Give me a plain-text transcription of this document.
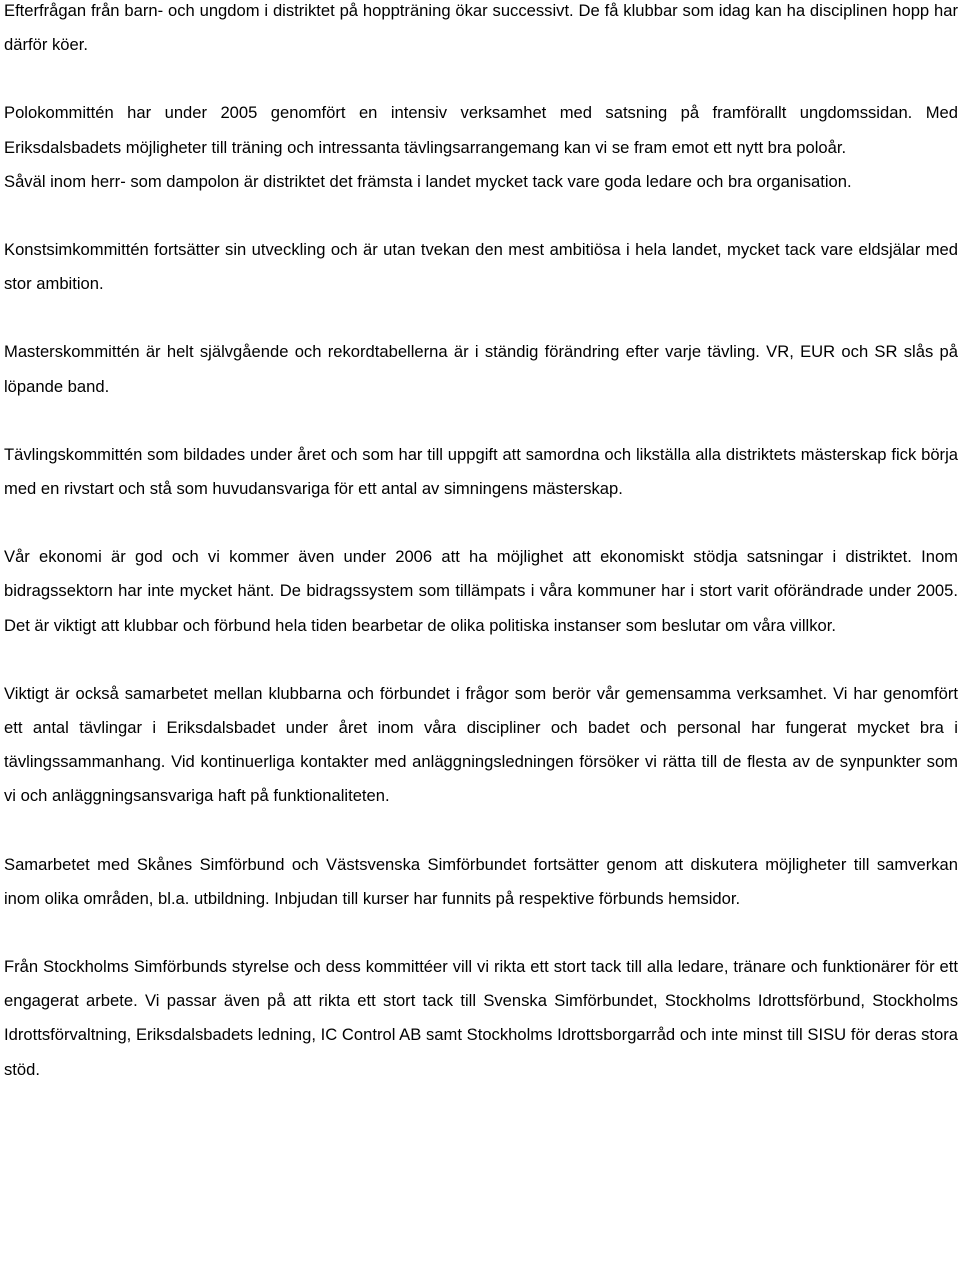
Efterfrågan från barn- och ungdom i distriktet på hoppträning ökar successivt. De få klubbar som idag kan ha disciplinen hopp har därför köer.

Polokommittén har under 2005 genomfört en intensiv verksamhet med satsning på framförallt ungdomssidan. Med Eriksdalsbadets möjligheter till träning och intressanta tävlingsarrangemang kan vi se fram emot ett nytt bra poloår.

Såväl inom herr- som dampolon är distriktet det främsta i landet mycket tack vare goda ledare och bra organisation.

Konstsimkommittén fortsätter sin utveckling och är utan tvekan den mest ambitiösa i hela landet, mycket tack vare eldsjälar med stor ambition.

Masterskommittén är helt självgående och rekordtabellerna är i ständig förändring efter varje tävling. VR, EUR och SR slås på löpande band.

Tävlingskommittén som bildades under året och som har till uppgift att samordna och likställa alla distriktets mästerskap fick börja med en rivstart och stå som huvudansvariga för ett antal av simningens mästerskap.

Vår ekonomi är god och vi kommer även under 2006 att ha möjlighet att ekonomiskt stödja satsningar i distriktet. Inom bidragssektorn har inte mycket hänt. De bidragssystem som tillämpats i våra kommuner har i stort varit oförändrade under 2005. Det är viktigt att klubbar och förbund hela tiden bearbetar de olika politiska instanser som beslutar om våra villkor.

Viktigt är också samarbetet mellan klubbarna och förbundet i frågor som berör vår gemensamma verksamhet. Vi har genomfört ett antal tävlingar i Eriksdalsbadet under året inom våra discipliner och badet och personal har fungerat mycket bra i tävlingssammanhang. Vid kontinuerliga kontakter med anläggningsledningen försöker vi rätta till de flesta av de synpunkter som vi och anläggningsansvariga haft på funktionaliteten.

Samarbetet med Skånes Simförbund och Västsvenska Simförbundet fortsätter genom att diskutera möjligheter till samverkan inom olika områden, bl.a. utbildning. Inbjudan till kurser har funnits på respektive förbunds hemsidor.

Från Stockholms Simförbunds styrelse och dess kommittéer vill vi rikta ett stort tack till alla ledare, tränare och funktionärer för ett engagerat arbete. Vi passar även på att rikta ett stort tack till Svenska Simförbundet, Stockholms Idrottsförbund, Stockholms Idrottsförvaltning, Eriksdalsbadets ledning, IC Control AB samt Stockholms Idrottsborgarråd och inte minst till SISU för deras stora stöd.
